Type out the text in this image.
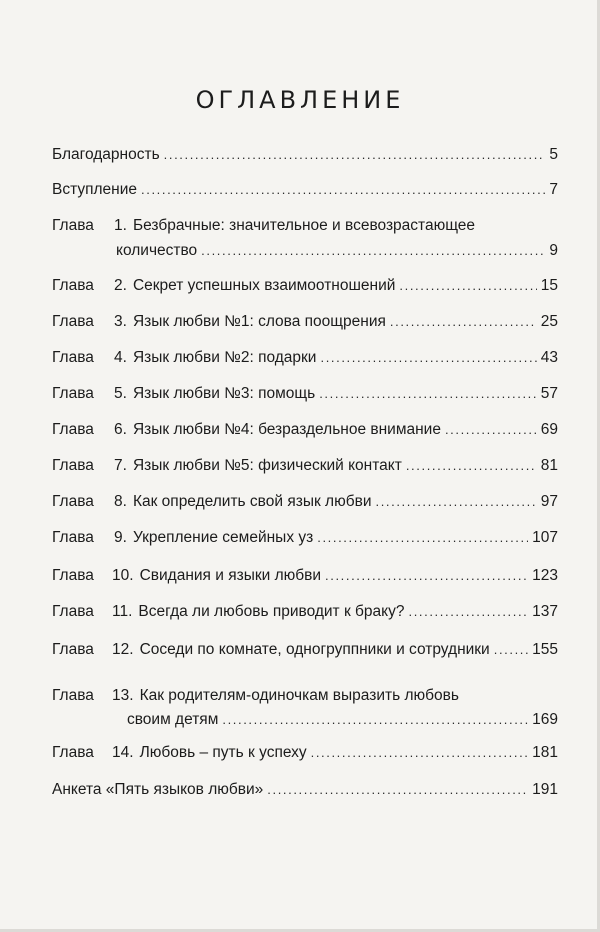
ОГЛАВЛЕНИЕ
Благодарность .....	5
Вступление .....	7
Глава	1. Безбрачные: значительное и всевозрастающее
количество .....	9
Глава	2. Секрет успешных взаимоотношений .....	15
Глава	3. Язык любви №1: слова поощрения .....	25
Глава	4. Язык любви №2: подарки .....	43
Глава	5. Язык любви №3: помощь .....	57
Глава	6. Язык любви №4: безраздельное внимание .....	69
Глава	7. Язык любви №5: физический контакт .....	81
Глава	8. Как определить свой язык любви .....	97
Глава	9. Укрепление семейных уз .....	107
Глава	10. Свидания и языки любви .....	123
Глава	11. Всегда ли любовь приводит к браку? .....	137
Глава	12. Соседи по комнате, одногруппники и сотрудники .....	155
Глава	13. Как родителям-одиночкам выразить любовь
своим детям .....	169
Глава	14. Любовь – путь к успеху .....	181
Анкета «Пять языков любви» .....	191
